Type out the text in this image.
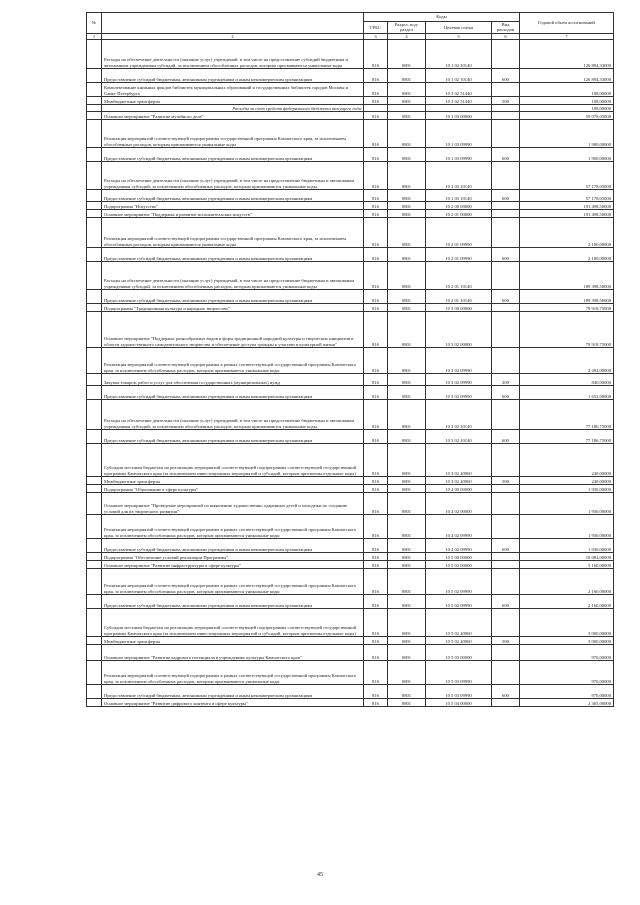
№		Коды				Годовой объем ассигнований
		ГРБС	Раздел, под-раздел	Целевая статья	Вид расходов	
1	2	3	4	5	6	7
	Расходы на обеспечение деятельности (оказание услуг) учреждений, в том числе на предоставление субсидий бюджетным и автономным учреждениям субсидий, за исключением обособленных расходов, которым присваиваются уникальные коды	816	0801	10 1 02 10140		126 894,33000
	Предоставление субсидий бюджетным, автономным учреждениям и иным некоммерческим организациям	816	0801	10 1 02 10140	600	126 894,33000
	Комплектование книжных фондов библиотек муниципальных образований и государственных библиотек городов Москвы и Санкт-Петербурга	816	0801	10 1 02 51440		108,00000
	Межбюджетные трансферты	816	0801	10 1 02 51440	500	108,00000
	Расходы за счет средств федерального бюджета текущего года					108,00000
	Основное мероприятие "Развитие музейного дела"	816	0801	10 1 03 00000		59 078,05000
	Реализация мероприятий соответствующей подпрограммы государственной программы Камчатского края, за исключением обособленных расходов, которым присваиваются уникальные коды	816	0801	10 1 03 09990		1 900,00000
	Предоставление субсидий бюджетным, автономным учреждениям и иным некоммерческим организациям	816	0801	10 1 03 09990	600	1 900,00000
	Расходы на обеспечение деятельности (оказание услуг) учреждений, в том числе на предоставление бюджетным и автономным учреждениям субсидий, за исключением обособленных расходов, которым присваиваются уникальные коды	816	0801	10 1 03 10140		57 178,05000
	Предоставление субсидий бюджетным, автономным учреждениям и иным некоммерческим организациям	816	0801	10 1 03 10140	600	57 178,05000
	Подпрограмма "Искусство"	816	0801	10 2 00 00000		191 498,50000
	Основное мероприятие "Поддержка и развитие исполнительских искусств"	816	0801	10 2 01 00000		191 498,50000
	Реализация мероприятий соответствующей подпрограммы государственной программы Камчатского края, за исключением обособленных расходов, которым присваиваются уникальные коды	816	0801	10 2 01 09990		2 100,00000
	Предоставление субсидий бюджетным, автономным учреждениям и иным некоммерческим организациям	816	0801	10 2 01 09990	600	2 100,00000
	Расходы на обеспечение деятельности (оказание услуг) учреждений, в том числе на предоставление бюджетным и автономным учреждениям субсидий, за исключением обособленных расходов, которым присваиваются уникальные коды	816	0801	10 2 01 10140		189 398,50000
	Предоставление субсидий бюджетным, автономным учреждениям и иным некоммерческим организациям	816	0801	10 2 01 10140	600	189 398,50000
	Подпрограмма "Традиционная культура и народное творчество"	816	0801	10 3 00 00000		79 918,75000
	Основное мероприятие "Поддержка разнообразных видов и форм традиционной народной культуры и творческих инициатив в области художественного самодеятельного творчества и обеспечение доступа граждан к участию в культурной жизни"	816	0801	10 3 02 00000		79 918,75000
	Реализация мероприятий соответствующей подпрограммы в рамках соответствующей государственной программы Камчатского края, за исключением обособленных расходов, которым присваиваются уникальные коды	816	0801	10 3 02 09990		2 492,00000
	Закупка товаров, работ и услуг для обеспечения государственных (муниципальных) нужд	816	0801	10 3 02 09990	200	840,00000
	Предоставление субсидий бюджетным, автономным учреждениям и иным некоммерческим организациям	816	0801	10 3 02 09990	600	1 652,00000
	Расходы на обеспечение деятельности (оказание услуг) учреждений, в том числе на предоставление бюджетным и автономным учреждениям субсидий, за исключением обособленных расходов, которым присваиваются уникальные коды	816	0801	10 3 02 10140		77 186,75000
	Предоставление субсидий бюджетным, автономным учреждениям и иным некоммерческим организациям	816	0801	10 3 02 10140	600	77 186,75000
	Субсидии местным бюджетам на реализацию мероприятий соответствующей подпрограммы соответствующей государственной программы Камчатского края (за исключением инвестиционных мероприятий и субсидий, которым присвоены отдельные коды)	816	0801	10 3 02 40060		240,00000
	Межбюджетные трансферты	816	0801	10 3 02 40060	500	240,00000
	Подпрограмма "Образование в сфере культуры"	816	0801	10 4 00 00000		1 930,00000
	Основное мероприятие "Проведение мероприятий по выявлению художественно одаренных детей и молодежи по созданию условий для их творческого развития"	816	0801	10 4 02 00000		1 930,00000
	Реализация мероприятий соответствующей подпрограммы в рамках соответствующей государственной программы Камчатского края, за исключением обособленных расходов, которым присваиваются уникальные коды	816	0801	10 4 02 09990		1 930,00000
	Предоставление субсидий бюджетным, автономным учреждениям и иным некоммерческим организациям	816	0801	10 4 02 09990	600	1 930,00000
	Подпрограмма "Обеспечение условий реализации Программы"	816	0801	10 5 00 00000		10 082,00000
	Основное мероприятие "Развитие инфраструктуры в сфере культуры"	816	0801	10 5 02 00000		5 160,00000
	Реализация мероприятий соответствующей подпрограммы в рамках соответствующей государственной программы Камчатского края, за исключением обособленных расходов, которым присваиваются уникальные коды	816	0801	10 5 02 09990		2 160,00000
	Предоставление субсидий бюджетным, автономным учреждениям и иным некоммерческим организациям	816	0801	10 5 02 09990	600	2 160,00000
	Субсидии местным бюджетам на реализацию мероприятий соответствующей подпрограммы соответствующей государственной программы Камчатского края (за исключением инвестиционных мероприятий и субсидий, которым присвоены отдельные коды)	816	0801	10 5 02 40060		3 000,00000
	Межбюджетные трансферты	816	0801	10 5 02 40060	500	3 000,00000
	Основное мероприятие "Развитие кадрового потенциала в учреждениях культуры Камчатского края"	816	0801	10 5 03 00000		970,00000
	Реализация мероприятий соответствующей подпрограммы в рамках соответствующей государственной программы Камчатского края, за исключением обособленных расходов, которым присваиваются уникальные коды	816	0801	10 5 03 09990		970,00000
	Предоставление субсидий бюджетным, автономным учреждениям и иным некоммерческим организациям	816	0801	10 5 03 09990	600	970,00000
	Основное мероприятие "Развитие цифрового контента в сфере культуры"	816	0801	10 5 04 00000		2 305,00000
45
